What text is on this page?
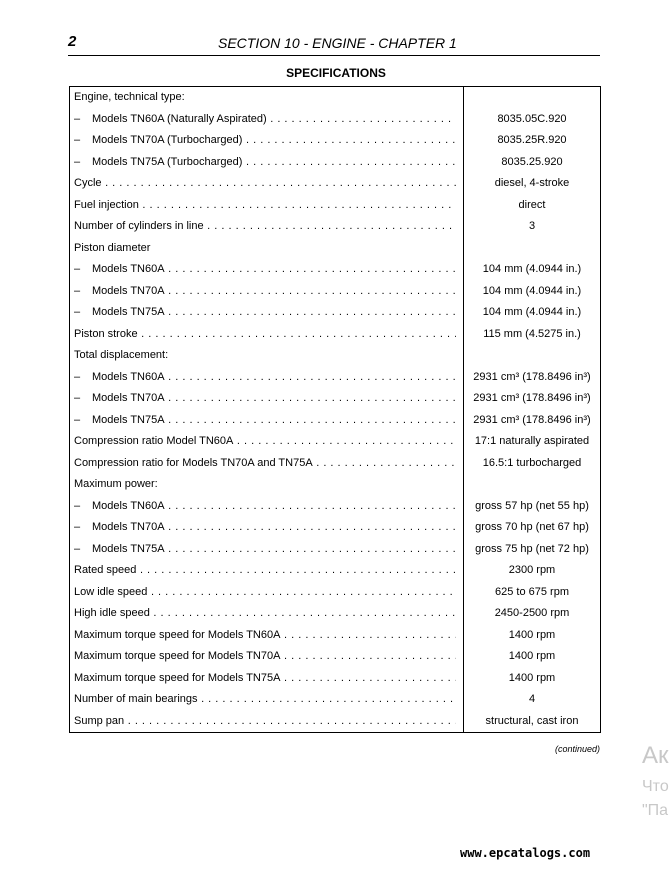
2	SECTION 10 - ENGINE - CHAPTER 1
SPECIFICATIONS
Engine, technical type:
– Models TN60A (Naturally Aspirated) . . .	8035.05C.920
– Models TN70A (Turbocharged) . . .	8035.25R.920
– Models TN75A (Turbocharged) . . .	8035.25.920
Cycle . . .	diesel, 4-stroke
Fuel injection . . .	direct
Number of cylinders in line . . .	3
Piston diameter
– Models TN60A . . .	104 mm (4.0944 in.)
– Models TN70A . . .	104 mm (4.0944 in.)
– Models TN75A . . .	104 mm (4.0944 in.)
Piston stroke . . .	115 mm (4.5275 in.)
Total displacement:
– Models TN60A . . .	2931 cm³ (178.8496 in³)
– Models TN70A . . .	2931 cm³ (178.8496 in³)
– Models TN75A . . .	2931 cm³ (178.8496 in³)
Compression ratio Model TN60A . . .	17:1 naturally aspirated
Compression ratio for Models TN70A and TN75A . . .	16.5:1 turbocharged
Maximum power:
– Models TN60A . . .	gross 57 hp (net 55 hp)
– Models TN70A . . .	gross 70 hp (net 67 hp)
– Models TN75A . . .	gross 75 hp (net 72 hp)
Rated speed . . .	2300 rpm
Low idle speed . . .	625 to 675 rpm
High idle speed . . .	2450-2500 rpm
Maximum torque speed for Models TN60A . . .	1400 rpm
Maximum torque speed for Models TN70A . . .	1400 rpm
Maximum torque speed for Models TN75A . . .	1400 rpm
Number of main bearings . . .	4
Sump pan . . .	structural, cast iron
(continued) Ак
Что
"Па
www.epcatalogs.com
